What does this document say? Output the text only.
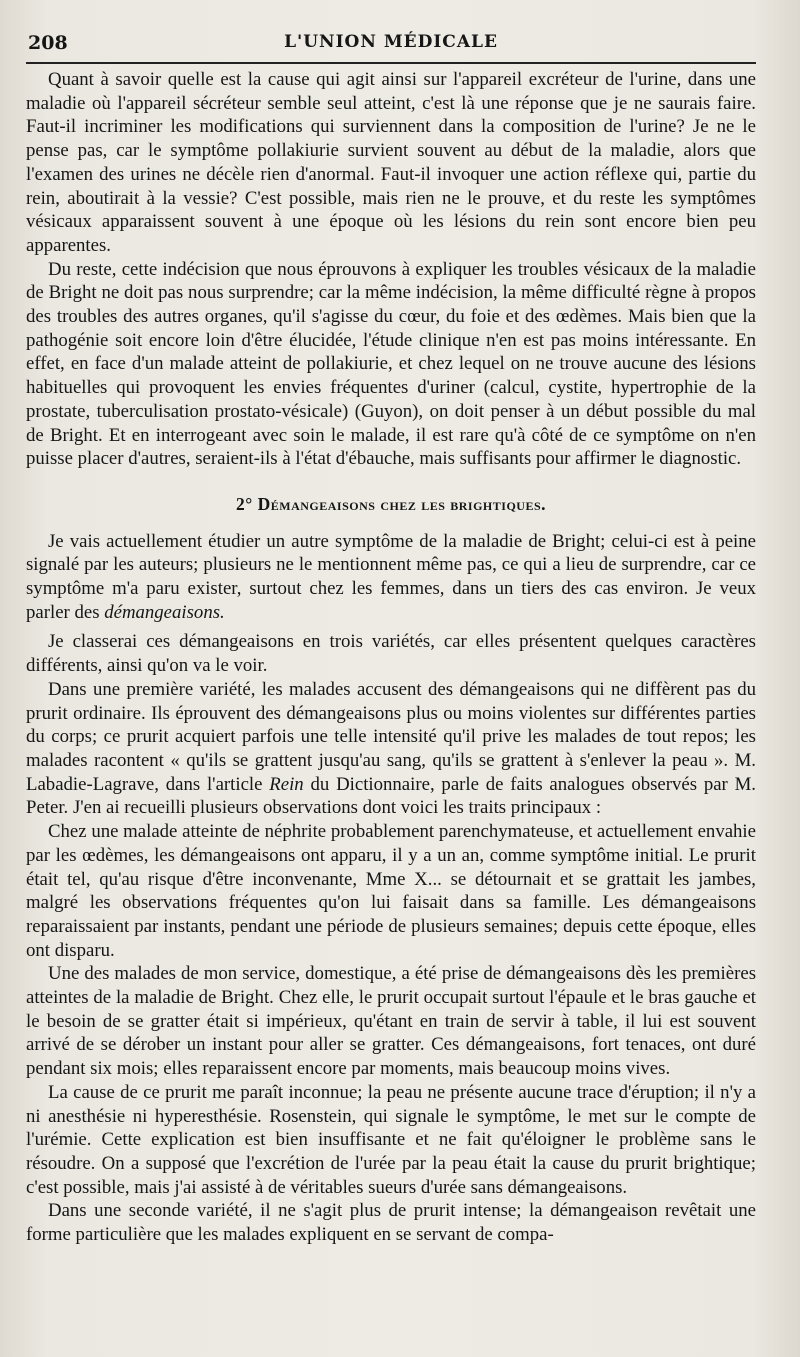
208	L'UNION MÉDICALE

Quant à savoir quelle est la cause qui agit ainsi sur l'appareil excréteur de l'urine, dans une maladie où l'appareil sécréteur semble seul atteint, c'est là une réponse que je ne saurais faire. Faut-il incriminer les modifications qui surviennent dans la composition de l'urine? Je ne le pense pas, car le symptôme pollakiurie survient souvent au début de la maladie, alors que l'examen des urines ne décèle rien d'anormal. Faut-il invoquer une action réflexe qui, partie du rein, aboutirait à la vessie? C'est possible, mais rien ne le prouve, et du reste les symptômes vésicaux apparaissent souvent à une époque où les lésions du rein sont encore bien peu apparentes.

Du reste, cette indécision que nous éprouvons à expliquer les troubles vésicaux de la maladie de Bright ne doit pas nous surprendre; car la même indécision, la même difficulté règne à propos des troubles des autres organes, qu'il s'agisse du cœur, du foie et des œdèmes. Mais bien que la pathogénie soit encore loin d'être élucidée, l'étude clinique n'en est pas moins intéressante. En effet, en face d'un malade atteint de pollakiurie, et chez lequel on ne trouve aucune des lésions habituelles qui provoquent les envies fréquentes d'uriner (calcul, cystite, hypertrophie de la prostate, tuberculisation prostato-vésicale) (Guyon), on doit penser à un début possible du mal de Bright. Et en interrogeant avec soin le malade, il est rare qu'à côté de ce symptôme on n'en puisse placer d'autres, seraient-ils à l'état d'ébauche, mais suffisants pour affirmer le diagnostic.

2° Démangeaisons chez les brightiques.

Je vais actuellement étudier un autre symptôme de la maladie de Bright; celui-ci est à peine signalé par les auteurs; plusieurs ne le mentionnent même pas, ce qui a lieu de surprendre, car ce symptôme m'a paru exister, surtout chez les femmes, dans un tiers des cas environ. Je veux parler des démangeaisons.

Je classerai ces démangeaisons en trois variétés, car elles présentent quelques caractères différents, ainsi qu'on va le voir.

Dans une première variété, les malades accusent des démangeaisons qui ne diffèrent pas du prurit ordinaire. Ils éprouvent des démangeaisons plus ou moins violentes sur différentes parties du corps; ce prurit acquiert parfois une telle intensité qu'il prive les malades de tout repos; les malades racontent « qu'ils se grattent jusqu'au sang, qu'ils se grattent à s'enlever la peau ». M. Labadie-Lagrave, dans l'article Rein du Dictionnaire, parle de faits analogues observés par M. Peter. J'en ai recueilli plusieurs observations dont voici les traits principaux :

Chez une malade atteinte de néphrite probablement parenchymateuse, et actuellement envahie par les œdèmes, les démangeaisons ont apparu, il y a un an, comme symptôme initial. Le prurit était tel, qu'au risque d'être inconvenante, Mme X... se détournait et se grattait les jambes, malgré les observations fréquentes qu'on lui faisait dans sa famille. Les démangeaisons reparaissaient par instants, pendant une période de plusieurs semaines; depuis cette époque, elles ont disparu.

Une des malades de mon service, domestique, a été prise de démangeaisons dès les premières atteintes de la maladie de Bright. Chez elle, le prurit occupait surtout l'épaule et le bras gauche et le besoin de se gratter était si impérieux, qu'étant en train de servir à table, il lui est souvent arrivé de se dérober un instant pour aller se gratter. Ces démangeaisons, fort tenaces, ont duré pendant six mois; elles reparaissent encore par moments, mais beaucoup moins vives.

La cause de ce prurit me paraît inconnue; la peau ne présente aucune trace d'éruption; il n'y a ni anesthésie ni hyperesthésie. Rosenstein, qui signale le symptôme, le met sur le compte de l'urémie. Cette explication est bien insuffisante et ne fait qu'éloigner le problème sans le résoudre. On a supposé que l'excrétion de l'urée par la peau était la cause du prurit brightique; c'est possible, mais j'ai assisté à de véritables sueurs d'urée sans démangeaisons.

Dans une seconde variété, il ne s'agit plus de prurit intense; la démangeaison revêtait une forme particulière que les malades expliquent en se servant de compa-
